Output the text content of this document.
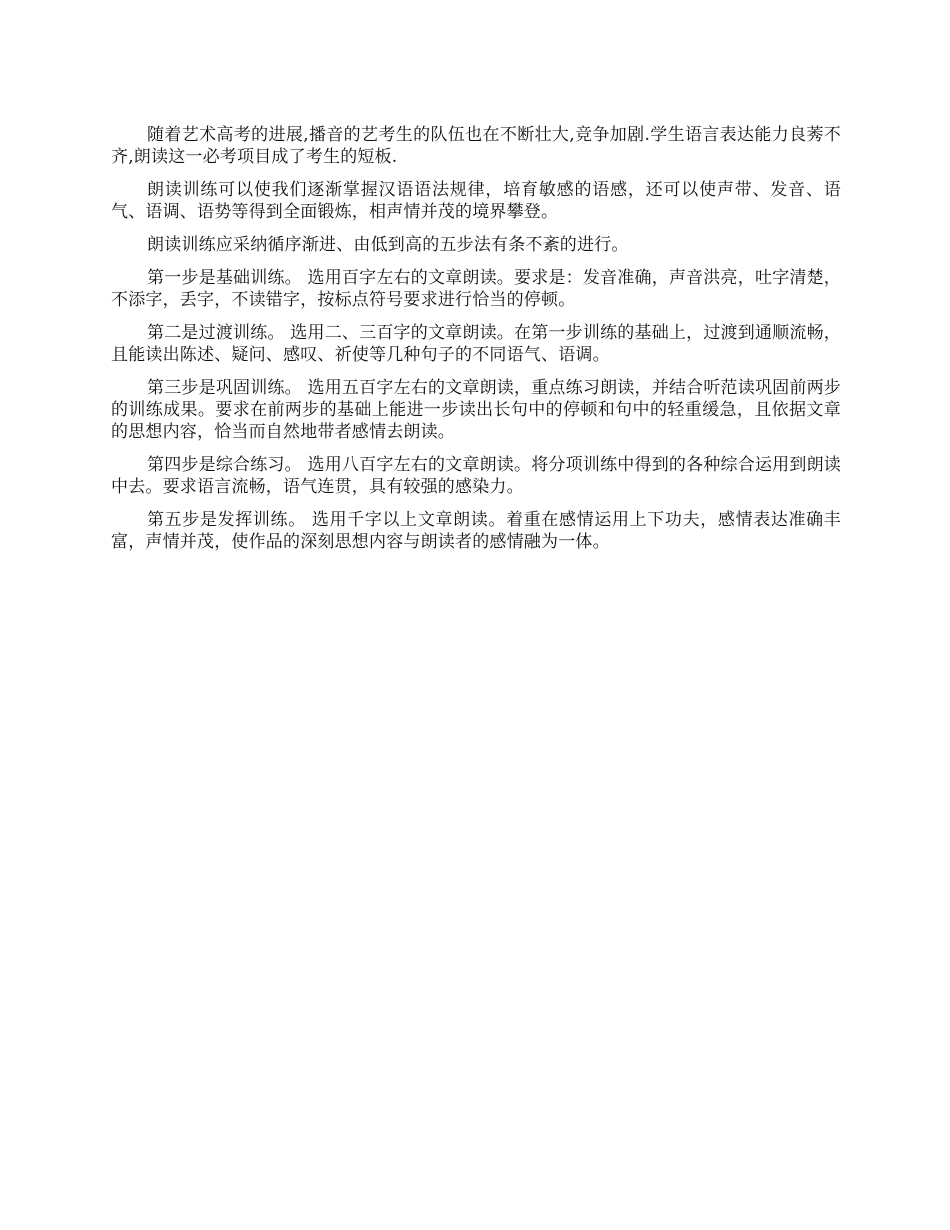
随着艺术高考的进展,播音的艺考生的队伍也在不断壮大,竞争加剧.学生语言表达能力良莠不齐,朗读这一必考项目成了考生的短板.

朗读训练可以使我们逐渐掌握汉语语法规律，培育敏感的语感，还可以使声带、发音、语气、语调、语势等得到全面锻炼，相声情并茂的境界攀登。

朗读训练应采纳循序渐进、由低到高的五步法有条不紊的进行。

第一步是基础训练。 选用百字左右的文章朗读。要求是：发音准确，声音洪亮，吐字清楚，不添字，丢字，不读错字，按标点符号要求进行恰当的停顿。

第二是过渡训练。 选用二、三百字的文章朗读。在第一步训练的基础上，过渡到通顺流畅，且能读出陈述、疑问、感叹、祈使等几种句子的不同语气、语调。

第三步是巩固训练。 选用五百字左右的文章朗读，重点练习朗读，并结合听范读巩固前两步的训练成果。要求在前两步的基础上能进一步读出长句中的停顿和句中的轻重缓急，且依据文章的思想内容，恰当而自然地带者感情去朗读。

第四步是综合练习。 选用八百字左右的文章朗读。将分项训练中得到的各种综合运用到朗读中去。要求语言流畅，语气连贯，具有较强的感染力。

第五步是发挥训练。 选用千字以上文章朗读。着重在感情运用上下功夫，感情表达准确丰富，声情并茂，使作品的深刻思想内容与朗读者的感情融为一体。
